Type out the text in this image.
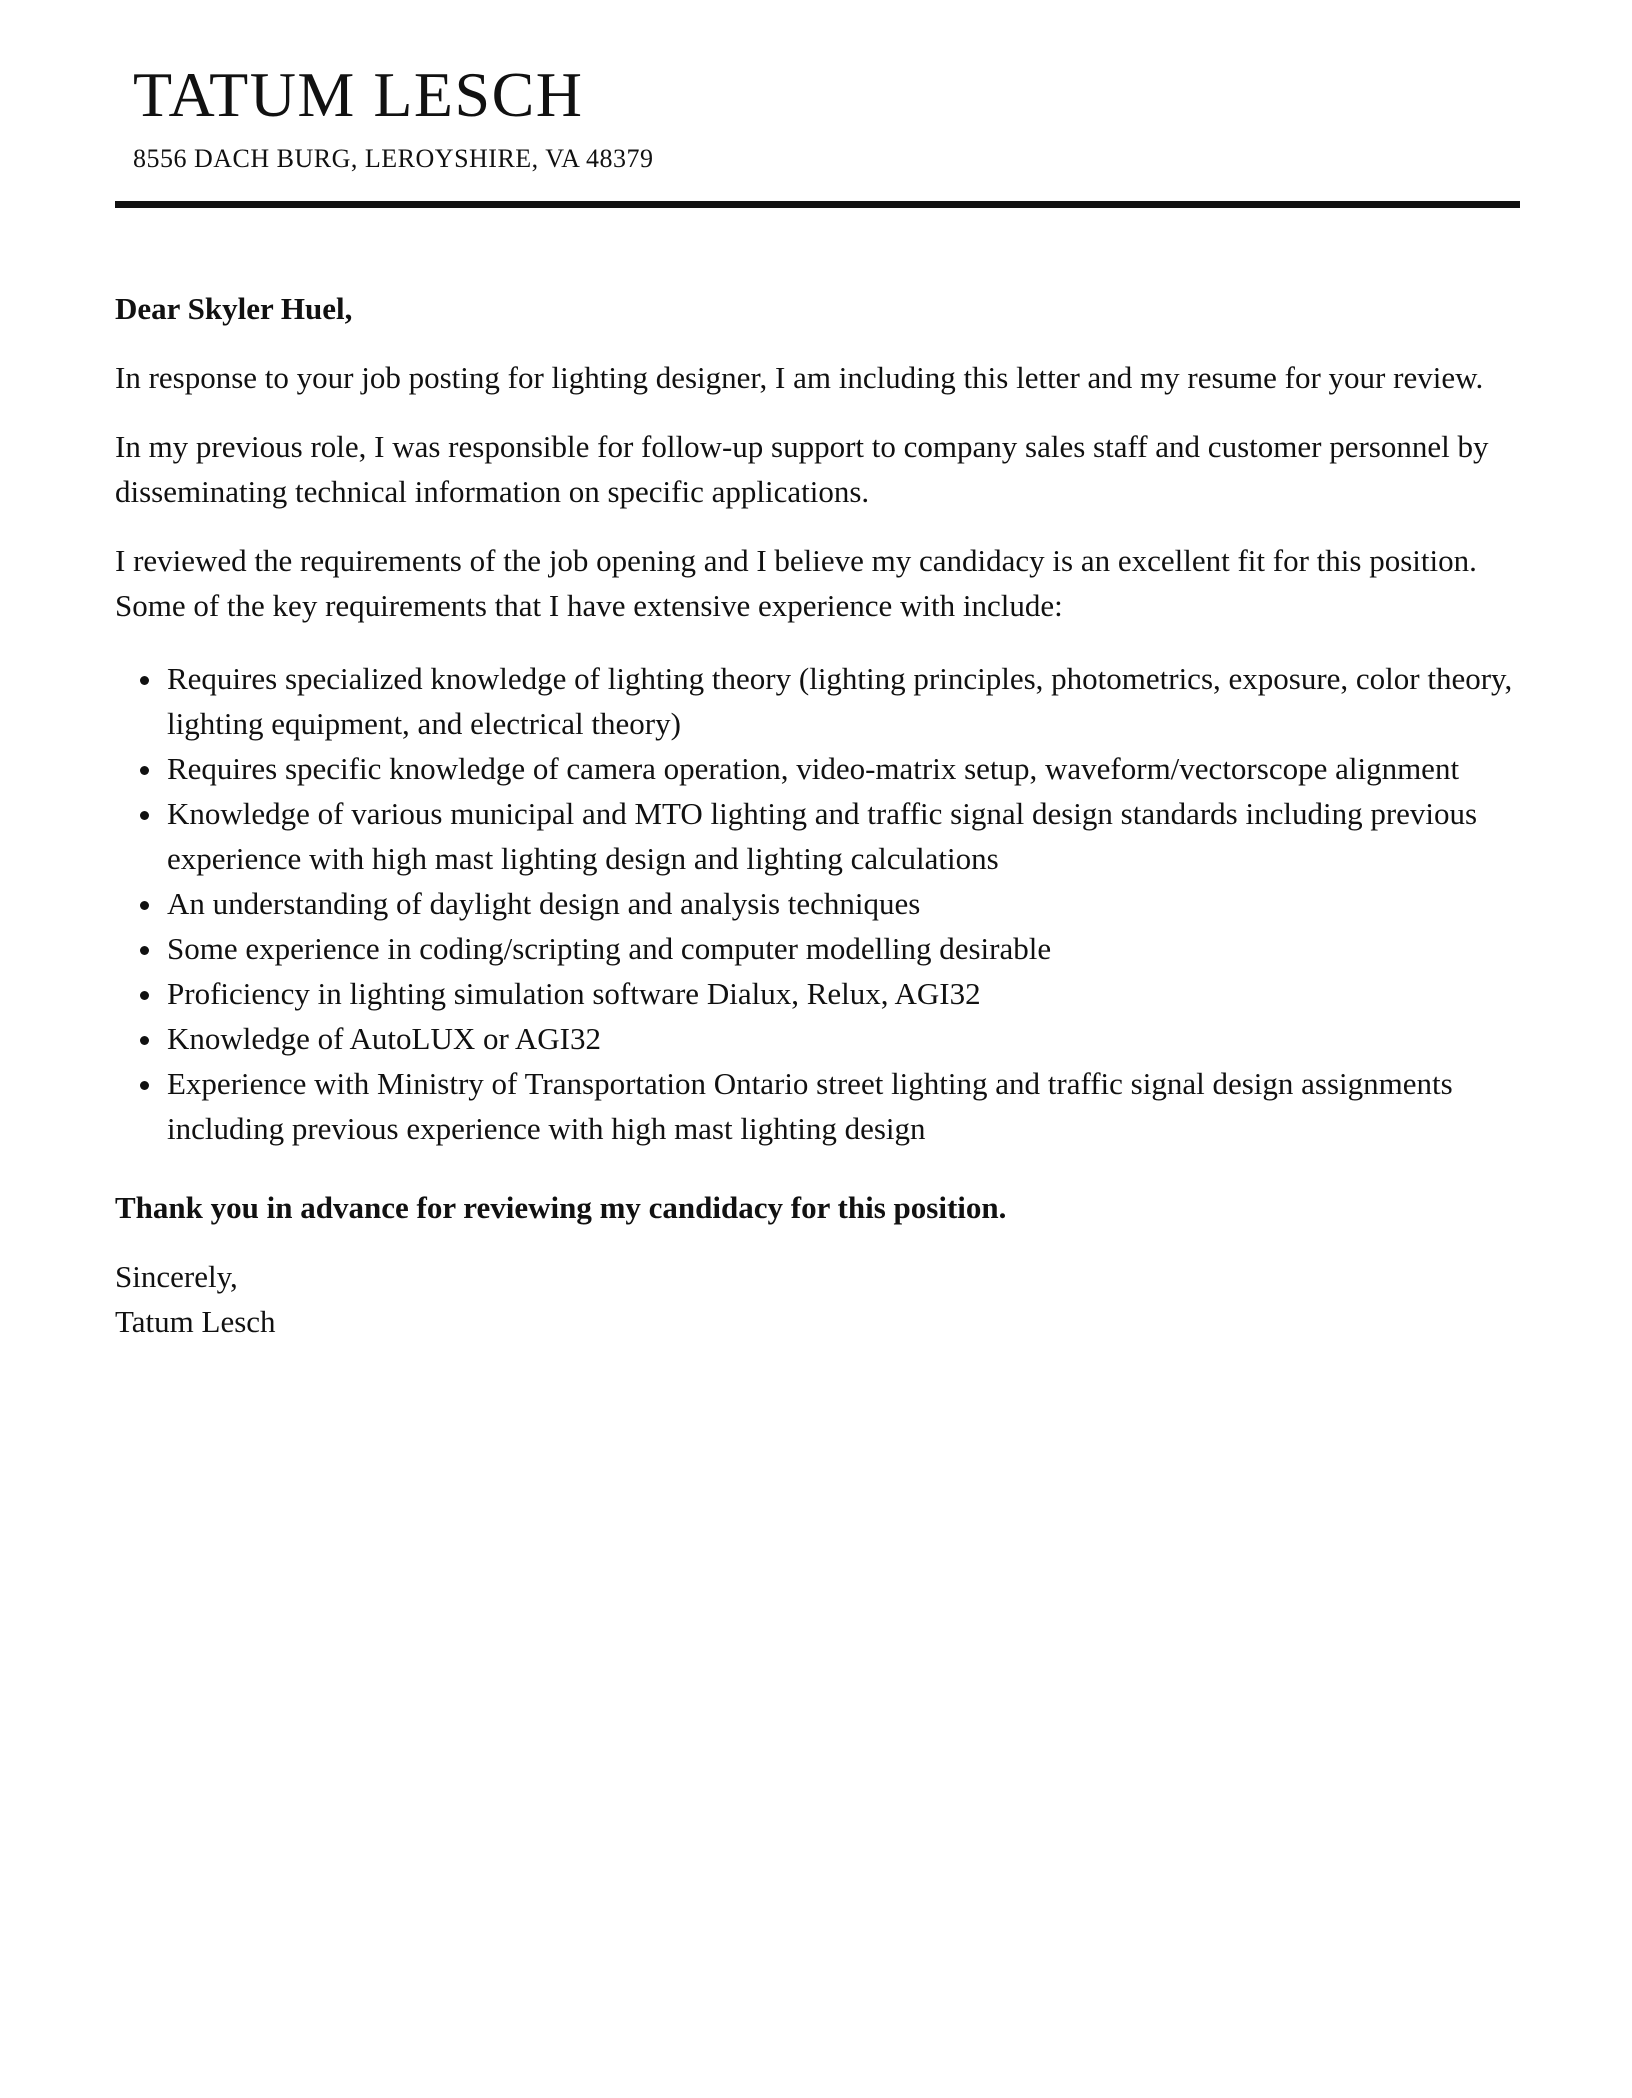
TATUM LESCH
8556 DACH BURG, LEROYSHIRE, VA 48379
Dear Skyler Huel,

In response to your job posting for lighting designer, I am including this letter and my resume for your review.

In my previous role, I was responsible for follow-up support to company sales staff and customer personnel by disseminating technical information on specific applications.

I reviewed the requirements of the job opening and I believe my candidacy is an excellent fit for this position. Some of the key requirements that I have extensive experience with include:

• Requires specialized knowledge of lighting theory (lighting principles, photometrics, exposure, color theory, lighting equipment, and electrical theory)
• Requires specific knowledge of camera operation, video-matrix setup, waveform/vectorscope alignment
• Knowledge of various municipal and MTO lighting and traffic signal design standards including previous experience with high mast lighting design and lighting calculations
• An understanding of daylight design and analysis techniques
• Some experience in coding/scripting and computer modelling desirable
• Proficiency in lighting simulation software Dialux, Relux, AGI32
• Knowledge of AutoLUX or AGI32
• Experience with Ministry of Transportation Ontario street lighting and traffic signal design assignments including previous experience with high mast lighting design

Thank you in advance for reviewing my candidacy for this position.

Sincerely,
Tatum Lesch
